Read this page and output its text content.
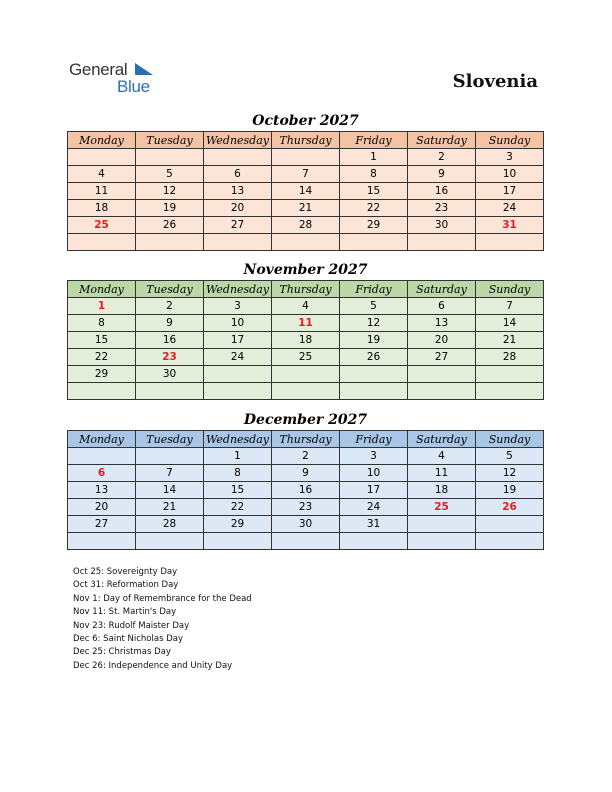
General
Blue	Slovenia
October 2027
Monday	Tuesday	Wednesday	Thursday	Friday	Saturday	Sunday
				1	2	3
4	5	6	7	8	9	10
11	12	13	14	15	16	17
18	19	20	21	22	23	24
25	26	27	28	29	30	31

November 2027
Monday	Tuesday	Wednesday	Thursday	Friday	Saturday	Sunday
1	2	3	4	5	6	7
8	9	10	11	12	13	14
15	16	17	18	19	20	21
22	23	24	25	26	27	28
29	30					

December 2027
Monday	Tuesday	Wednesday	Thursday	Friday	Saturday	Sunday
		1	2	3	4	5
6	7	8	9	10	11	12
13	14	15	16	17	18	19
20	21	22	23	24	25	26
27	28	29	30	31		

Oct 25: Sovereignty Day
Oct 31: Reformation Day
Nov 1: Day of Remembrance for the Dead
Nov 11: St. Martin's Day
Nov 23: Rudolf Maister Day
Dec 6: Saint Nicholas Day
Dec 25: Christmas Day
Dec 26: Independence and Unity Day
